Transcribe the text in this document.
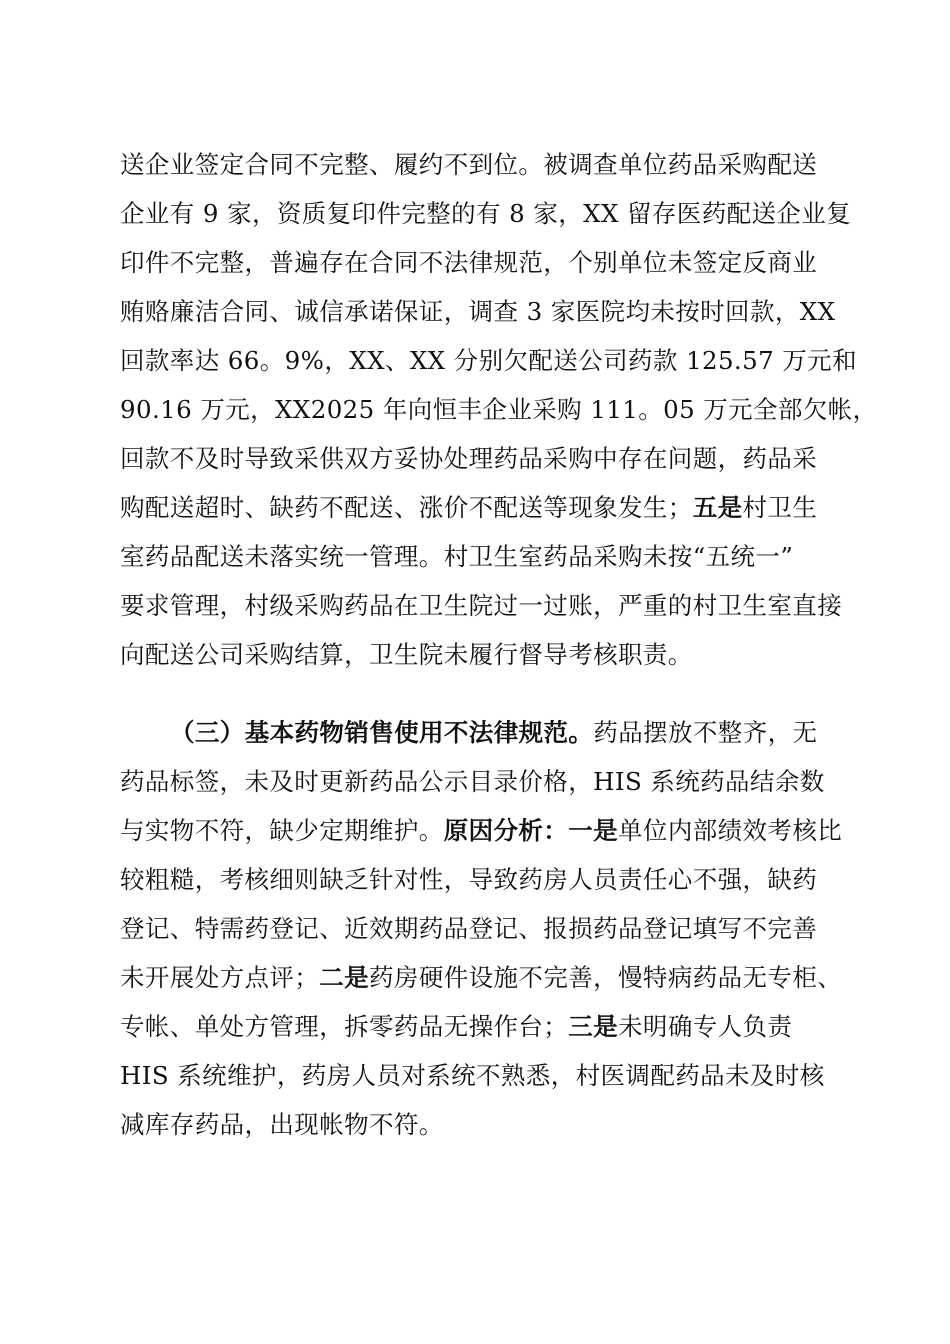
送企业签定合同不完整、履约不到位。被调查单位药品采购配送
企业有 9 家，资质复印件完整的有 8 家，XX 留存医药配送企业复
印件不完整，普遍存在合同不法律规范，个别单位未签定反商业
贿赂廉洁合同、诚信承诺保证，调查 3 家医院均未按时回款，XX
回款率达 66。9%，XX、XX 分别欠配送公司药款 125.57 万元和
90.16 万元，XX2025 年向恒丰企业采购 111。05 万元全部欠帐，
回款不及时导致采供双方妥协处理药品采购中存在问题，药品采
购配送超时、缺药不配送、涨价不配送等现象发生；五是村卫生
室药品配送未落实统一管理。村卫生室药品采购未按“五统一”
要求管理，村级采购药品在卫生院过一过账，严重的村卫生室直接
向配送公司采购结算，卫生院未履行督导考核职责。
（三）基本药物销售使用不法律规范。药品摆放不整齐，无
药品标签，未及时更新药品公示目录价格，HIS 系统药品结余数
与实物不符，缺少定期维护。原因分析：一是单位内部绩效考核比
较粗糙，考核细则缺乏针对性，导致药房人员责任心不强，缺药
登记、特需药登记、近效期药品登记、报损药品登记填写不完善
未开展处方点评；二是药房硬件设施不完善，慢特病药品无专柜、
专帐、单处方管理，拆零药品无操作台；三是未明确专人负责
HIS 系统维护，药房人员对系统不熟悉，村医调配药品未及时核
减库存药品，出现帐物不符。
